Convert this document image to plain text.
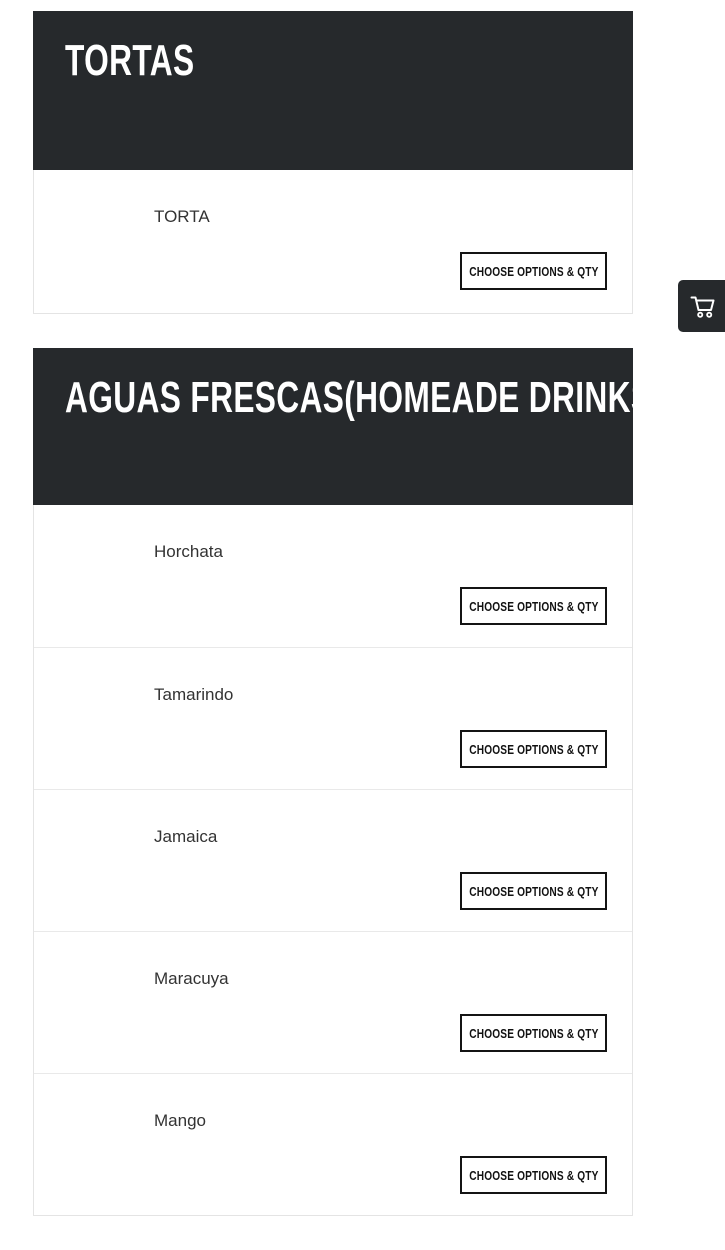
TORTAS
TORTA
CHOOSE OPTIONS & QTY
AGUAS FRESCAS(HOMEADE DRINKS)
Horchata
CHOOSE OPTIONS & QTY
Tamarindo
CHOOSE OPTIONS & QTY
Jamaica
CHOOSE OPTIONS & QTY
Maracuya
CHOOSE OPTIONS & QTY
Mango
CHOOSE OPTIONS & QTY
